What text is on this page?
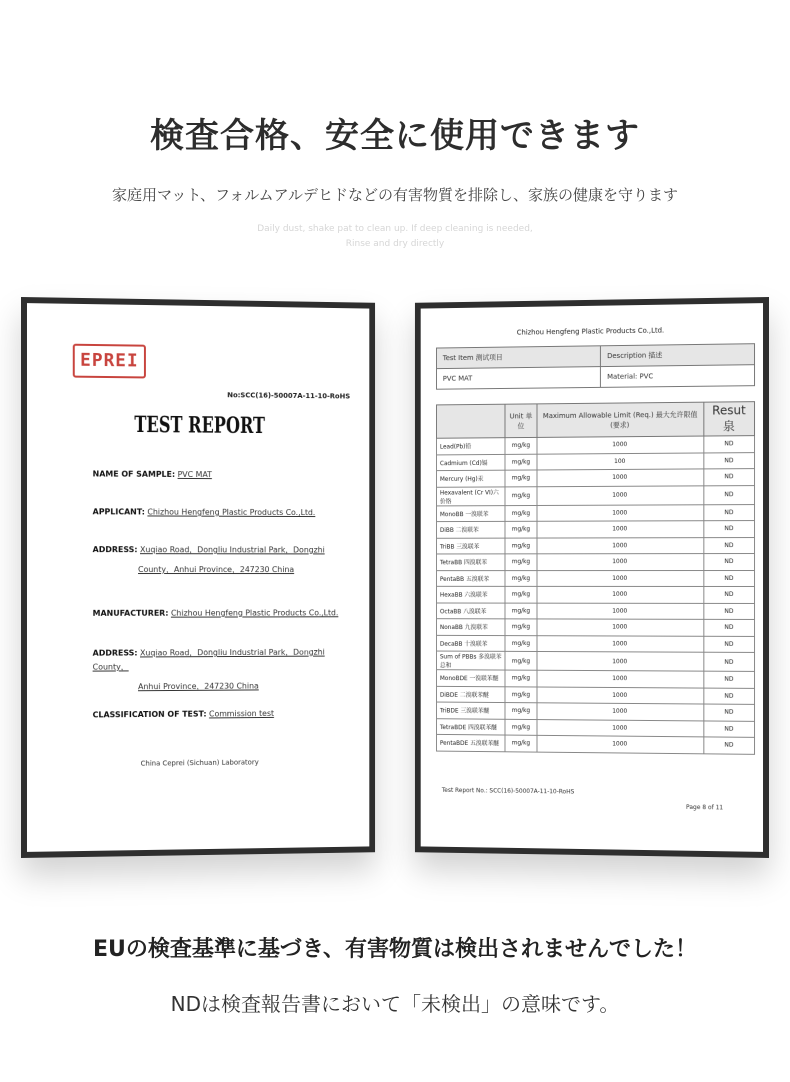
検査合格、安全に使用できます
家庭用マット、フォルムアルデヒドなどの有害物質を排除し、家族の健康を守ります
Daily dust, shake pat to clean up. If deep cleaning is needed,
Rinse and dry directly
EPREI
No:SCC(16)-50007A-11-10-RoHS
TEST REPORT
NAME OF SAMPLE: PVC MAT
APPLICANT: Chizhou Hengfeng Plastic Products Co.,Ltd.
ADDRESS: Xuqiao Road，Dongliu Industrial Park，Dongzhi
County，Anhui Province，247230 China
MANUFACTURER: Chizhou Hengfeng Plastic Products Co.,Ltd.
ADDRESS: Xuqiao Road，Dongliu Industrial Park，Dongzhi County，
Anhui Province，247230 China
CLASSIFICATION OF TEST: Commission test
China Ceprei (Sichuan) Laboratory
Chizhou Hengfeng Plastic Products Co.,Ltd.
Test Item 测试项目	Description 描述
PVC MAT	Material: PVC
	Unit 单位	Maximum Allowable Limit (Req.) 最大允许限值(要求)	Resut 泉
Lead(Pb)铅	mg/kg	1000	ND
Cadmium (Cd)镉	mg/kg	100	ND
Mercury (Hg)汞	mg/kg	1000	ND
Hexavalent (Cr VI)六价铬	mg/kg	1000	ND
MonoBB 一溴联苯	mg/kg	1000	ND
DiBB 二溴联苯	mg/kg	1000	ND
TriBB 三溴联苯	mg/kg	1000	ND
TetraBB 四溴联苯	mg/kg	1000	ND
PentaBB 五溴联苯	mg/kg	1000	ND
HexaBB 六溴联苯	mg/kg	1000	ND
OctaBB 八溴联苯	mg/kg	1000	ND
NonaBB 九溴联苯	mg/kg	1000	ND
DecaBB 十溴联苯	mg/kg	1000	ND
Sum of PBBs 多溴联苯总和	mg/kg	1000	ND
MonoBDE 一溴联苯醚	mg/kg	1000	ND
DiBDE 二溴联苯醚	mg/kg	1000	ND
TriBDE 三溴联苯醚	mg/kg	1000	ND
TetraBDE 四溴联苯醚	mg/kg	1000	ND
PentaBDE 五溴联苯醚	mg/kg	1000	ND
Test Report No.: SCC(16)-50007A-11-10-RoHS
Page 8 of 11
EUの検査基準に基づき、有害物質は検出されませんでした！
NDは検査報告書において「未検出」の意味です。
